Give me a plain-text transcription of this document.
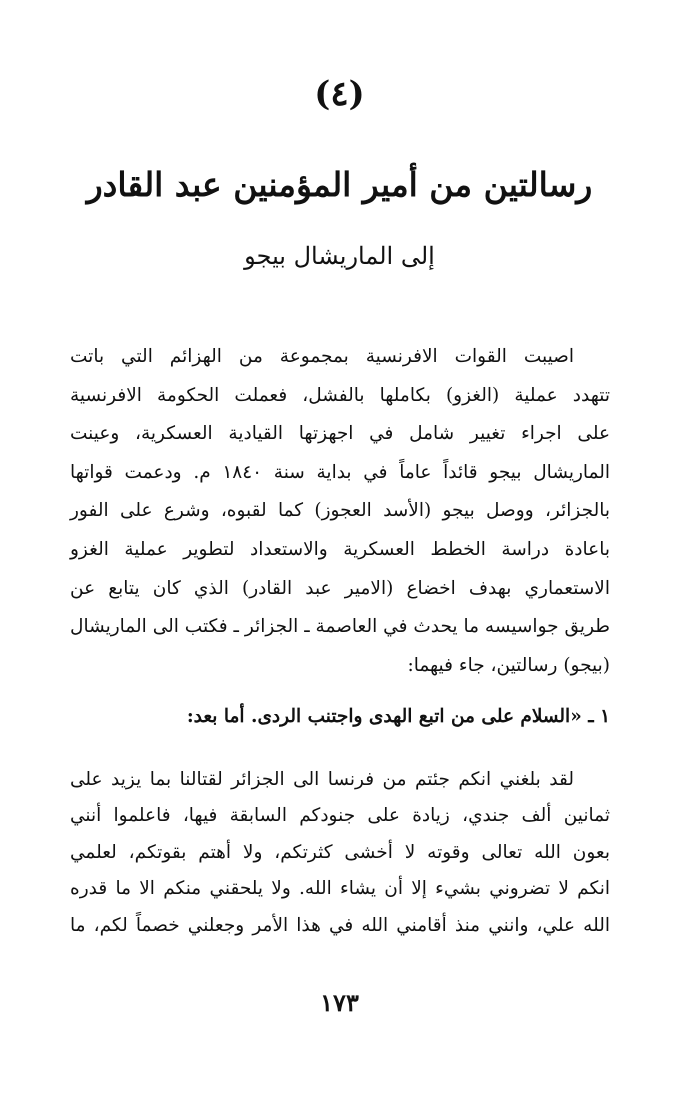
(٤)
رسالتين من أمير المؤمنين عبد القادر
إلى الماريشال بيجو
اصيبت القوات الافرنسية بمجموعة من الهزائم التي باتت
تتهدد عملية (الغزو) بكاملها بالفشل، فعملت الحكومة الافرنسية
على اجراء تغيير شامل في اجهزتها القيادية العسكرية، وعينت
الماريشال بيجو قائداً عاماً في بداية سنة ١٨٤٠ م. ودعمت قواتها
بالجزائر، ووصل بيجو (الأسد العجوز) كما لقبوه، وشرع على الفور
باعادة دراسة الخطط العسكرية والاستعداد لتطوير عملية الغزو
الاستعماري بهدف اخضاع (الامير عبد القادر) الذي كان يتابع عن
طريق جواسيسه ما يحدث في العاصمة ـ الجزائر ـ فكتب الى الماريشال
(بيجو) رسالتين، جاء فيهما:
١ ـ «السلام على من اتبع الهدى واجتنب الردى. أما بعد:
لقد بلغني انكم جئتم من فرنسا الى الجزائر لقتالنا بما يزيد على
ثمانين ألف جندي، زيادة على جنودكم السابقة فيها، فاعلموا أنني
بعون الله تعالى وقوته لا أخشى كثرتكم، ولا أهتم بقوتكم، لعلمي
انكم لا تضروني بشيء إلا أن يشاء الله. ولا يلحقني منكم الا ما قدره
الله علي، وانني منذ أقامني الله في هذا الأمر وجعلني خصماً لكم، ما
١٧٣
